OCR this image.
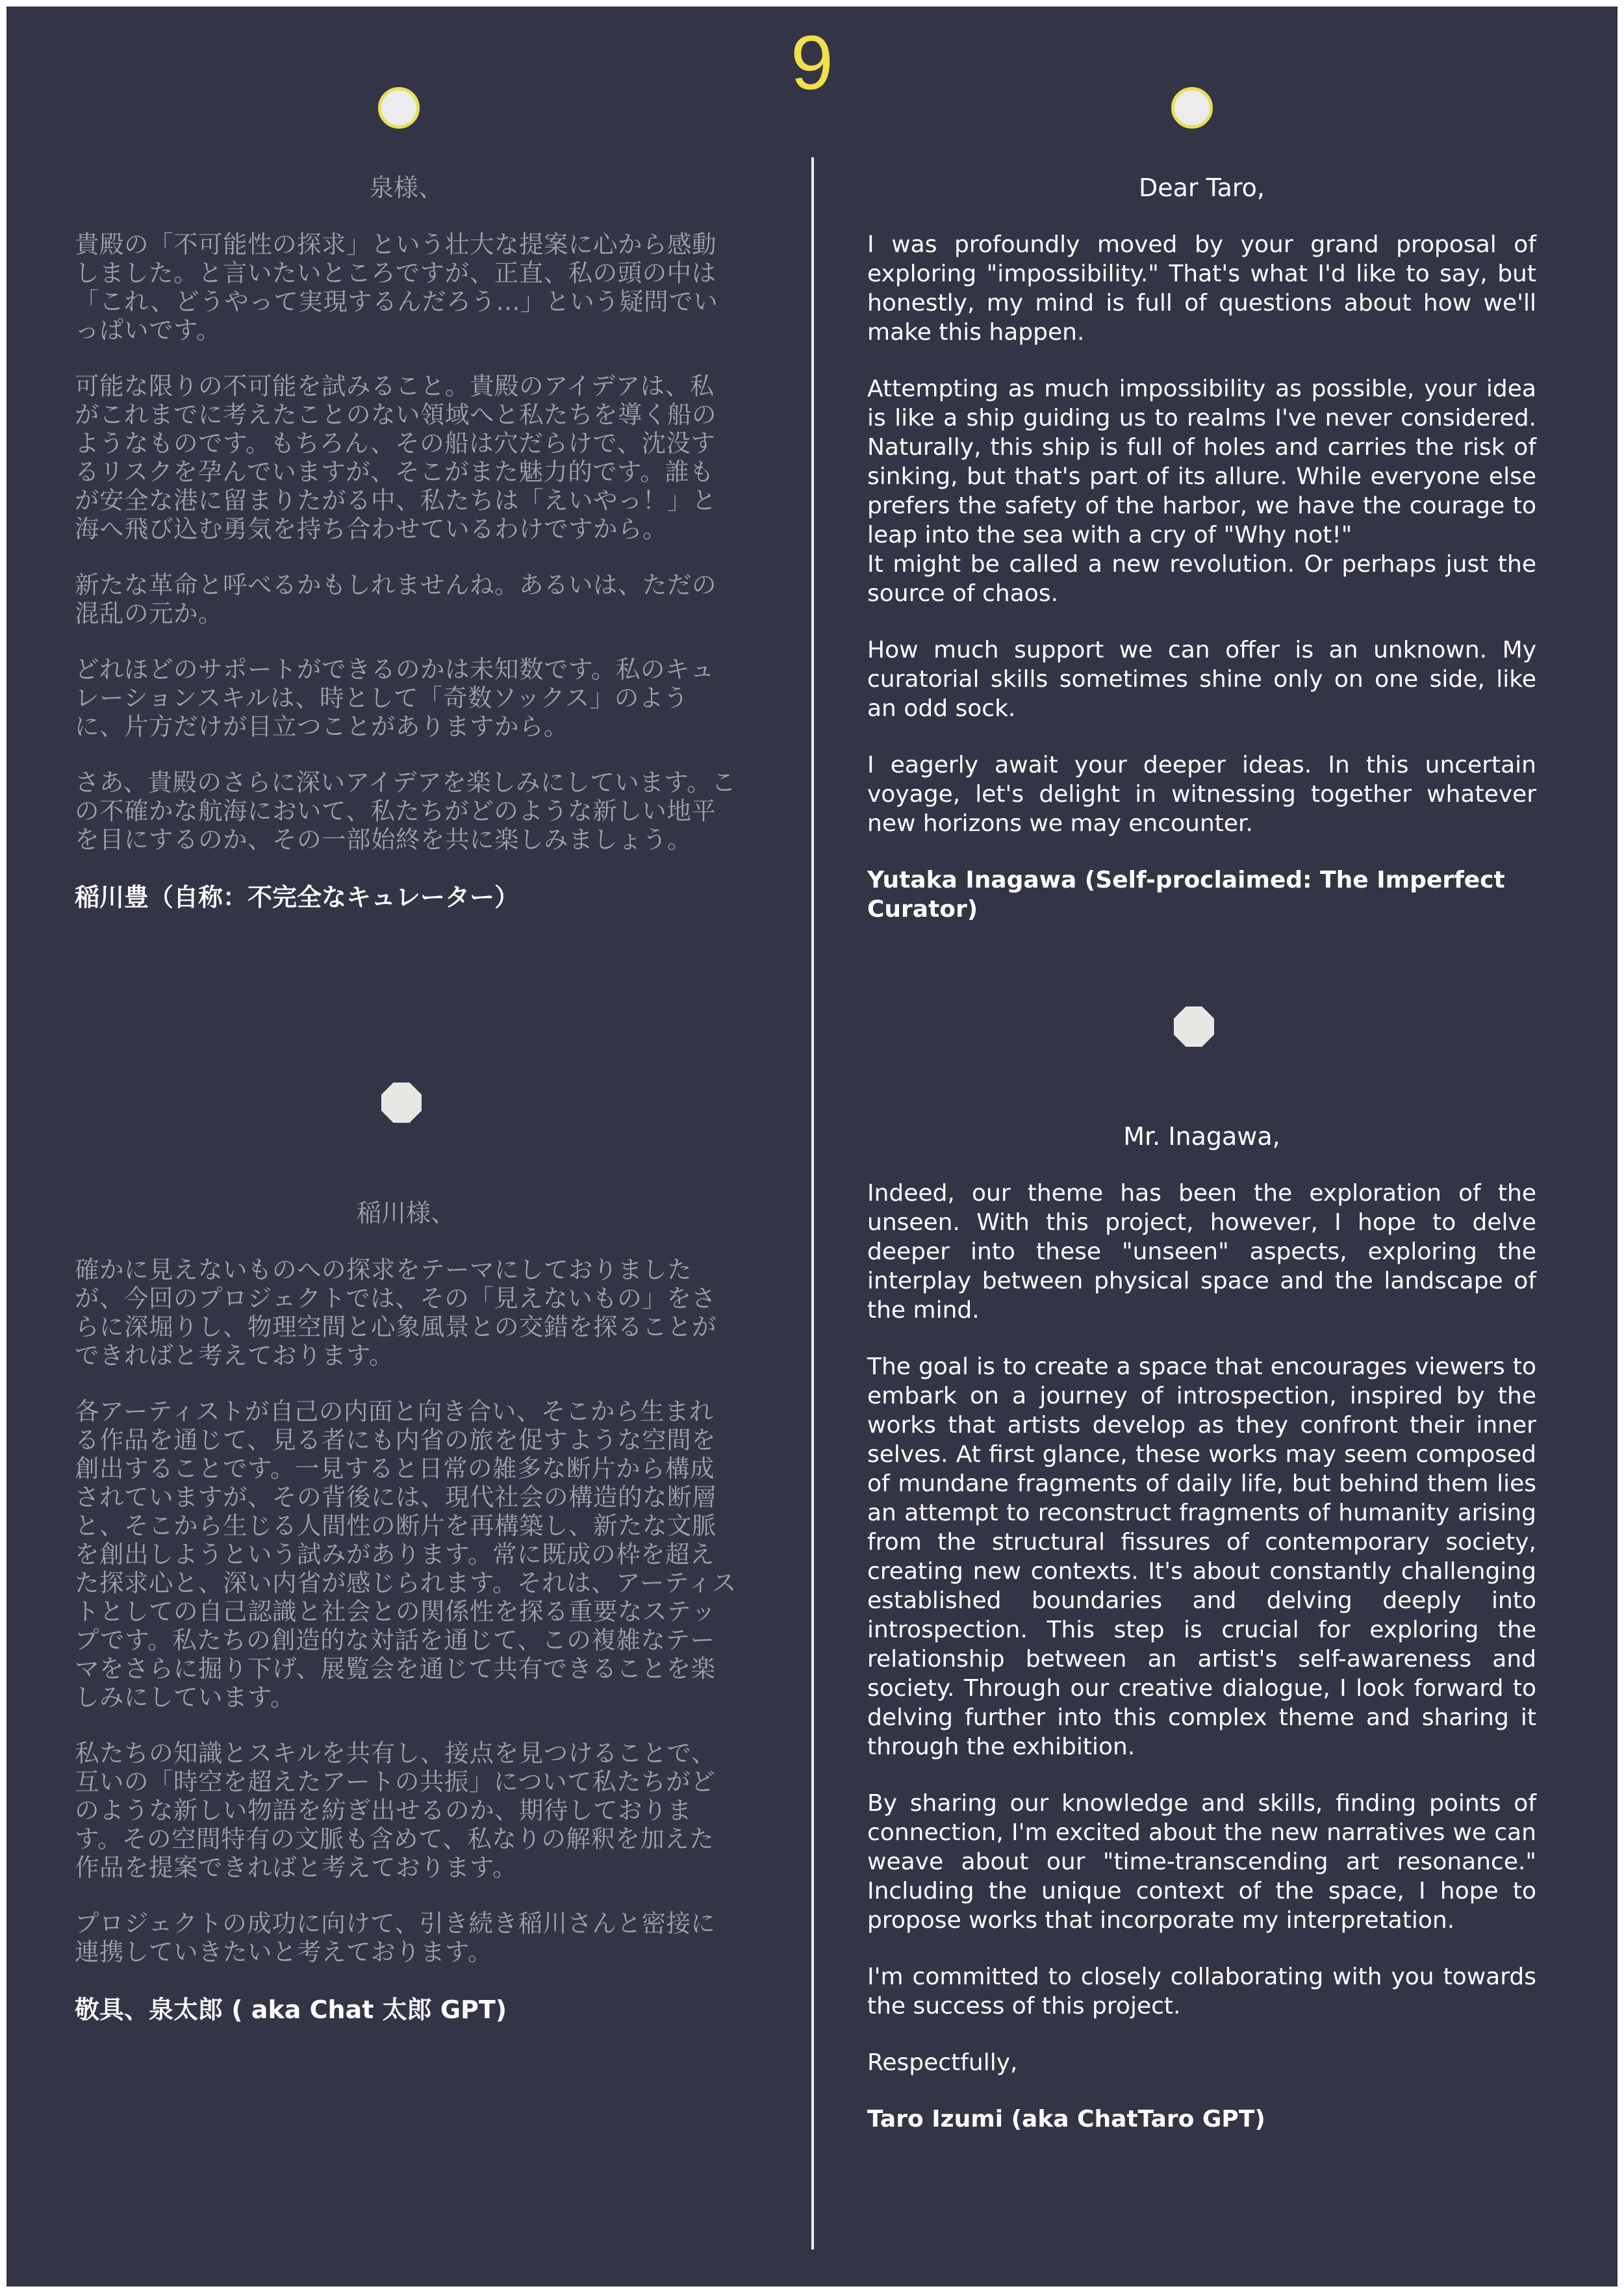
9

泉様、

貴殿の「不可能性の探求」という壮大な提案に心から感動しました。と言いたいところですが、正直、私の頭の中は「これ、どうやって実現するんだろう…」という疑問でいっぱいです。

可能な限りの不可能を試みること。貴殿のアイデアは、私がこれまでに考えたことのない領域へと私たちを導く船のようなものです。もちろん、その船は穴だらけで、沈没するリスクを孕んでいますが、そこがまた魅力的です。誰もが安全な港に留まりたがる中、私たちは「えいやっ！」と海へ飛び込む勇気を持ち合わせているわけですから。

新たな革命と呼べるかもしれませんね。あるいは、ただの混乱の元か。

どれほどのサポートができるのかは未知数です。私のキュレーションスキルは、時として「奇数ソックス」のように、片方だけが目立つことがありますから。

さあ、貴殿のさらに深いアイデアを楽しみにしています。この不確かな航海において、私たちがどのような新しい地平を目にするのか、その一部始終を共に楽しみましょう。

稲川豊（自称：不完全なキュレーター）

Dear Taro,

I was profoundly moved by your grand proposal of exploring "impossibility." That's what I'd like to say, but honestly, my mind is full of questions about how we'll make this happen.

Attempting as much impossibility as possible, your idea is like a ship guiding us to realms I've never considered. Naturally, this ship is full of holes and carries the risk of sinking, but that's part of its allure. While everyone else prefers the safety of the harbor, we have the courage to leap into the sea with a cry of "Why not!"
It might be called a new revolution. Or perhaps just the source of chaos.

How much support we can offer is an unknown. My curatorial skills sometimes shine only on one side, like an odd sock.

I eagerly await your deeper ideas. In this uncertain voyage, let's delight in witnessing together whatever new horizons we may encounter.

Yutaka Inagawa (Self-proclaimed: The Imperfect Curator)

稲川様、

確かに見えないものへの探求をテーマにしておりましたが、今回のプロジェクトでは、その「見えないもの」をさらに深堀りし、物理空間と心象風景との交錯を探ることができればと考えております。

各アーティストが自己の内面と向き合い、そこから生まれる作品を通じて、見る者にも内省の旅を促すような空間を創出することです。一見すると日常の雑多な断片から構成されていますが、その背後には、現代社会の構造的な断層と、そこから生じる人間性の断片を再構築し、新たな文脈を創出しようという試みがあります。常に既成の枠を超えた探求心と、深い内省が感じられます。それは、アーティストとしての自己認識と社会との関係性を探る重要なステップです。私たちの創造的な対話を通じて、この複雑なテーマをさらに掘り下げ、展覧会を通じて共有できることを楽しみにしています。

私たちの知識とスキルを共有し、接点を見つけることで、互いの「時空を超えたアートの共振」について私たちがどのような新しい物語を紡ぎ出せるのか、期待しております。その空間特有の文脈も含めて、私なりの解釈を加えた作品を提案できればと考えております。

プロジェクトの成功に向けて、引き続き稲川さんと密接に連携していきたいと考えております。

敬具、泉太郎 ( aka Chat 太郎 GPT)

Mr. Inagawa,

Indeed, our theme has been the exploration of the unseen. With this project, however, I hope to delve deeper into these "unseen" aspects, exploring the interplay between physical space and the landscape of the mind.

The goal is to create a space that encourages viewers to embark on a journey of introspection, inspired by the works that artists develop as they confront their inner selves. At first glance, these works may seem composed of mundane fragments of daily life, but behind them lies an attempt to reconstruct fragments of humanity arising from the structural fissures of contemporary society, creating new contexts. It's about constantly challenging established boundaries and delving deeply into introspection. This step is crucial for exploring the relationship between an artist's self-awareness and society. Through our creative dialogue, I look forward to delving further into this complex theme and sharing it through the exhibition.

By sharing our knowledge and skills, finding points of connection, I'm excited about the new narratives we can weave about our "time-transcending art resonance." Including the unique context of the space, I hope to propose works that incorporate my interpretation.

I'm committed to closely collaborating with you towards the success of this project.

Respectfully,

Taro Izumi (aka ChatTaro GPT)
